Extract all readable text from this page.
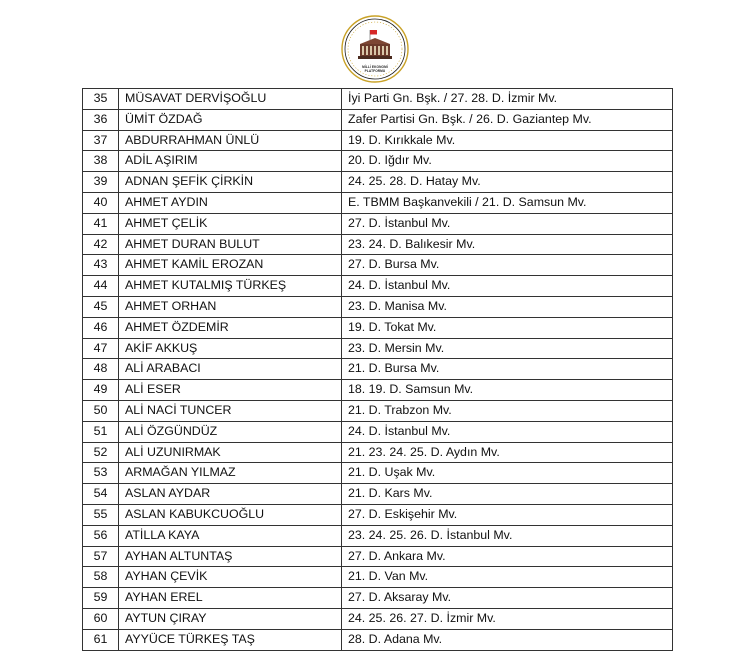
MİLLİ EKONOMİ
PLATFORMU
35	MÜSAVAT DERVİŞOĞLU	İyi Parti Gn. Bşk. / 27. 28. D. İzmir Mv.
36	ÜMİT ÖZDAĞ	Zafer Partisi Gn. Bşk. / 26. D. Gaziantep Mv.
37	ABDURRAHMAN ÜNLÜ	19. D. Kırıkkale Mv.
38	ADİL AŞIRIM	20. D. Iğdır Mv.
39	ADNAN ŞEFİK ÇİRKİN	24. 25. 28. D. Hatay Mv.
40	AHMET AYDIN	E. TBMM Başkanvekili / 21. D. Samsun Mv.
41	AHMET ÇELİK	27. D. İstanbul Mv.
42	AHMET DURAN BULUT	23. 24. D. Balıkesir Mv.
43	AHMET KAMİL EROZAN	27. D. Bursa Mv.
44	AHMET KUTALMIŞ TÜRKEŞ	24. D. İstanbul Mv.
45	AHMET ORHAN	23. D. Manisa Mv.
46	AHMET ÖZDEMİR	19. D. Tokat Mv.
47	AKİF AKKUŞ	23. D. Mersin Mv.
48	ALİ ARABACI	21. D. Bursa Mv.
49	ALİ ESER	18. 19. D. Samsun Mv.
50	ALİ NACİ TUNCER	21. D. Trabzon Mv.
51	ALİ ÖZGÜNDÜZ	24. D. İstanbul Mv.
52	ALİ UZUNIRMAK	21. 23. 24. 25. D. Aydın Mv.
53	ARMAĞAN YILMAZ	21. D. Uşak Mv.
54	ASLAN AYDAR	21. D. Kars Mv.
55	ASLAN KABUKCUOĞLU	27. D. Eskişehir Mv.
56	ATİLLA KAYA	23. 24. 25. 26. D. İstanbul Mv.
57	AYHAN ALTUNTAŞ	27. D. Ankara Mv.
58	AYHAN ÇEVİK	21. D. Van Mv.
59	AYHAN EREL	27. D. Aksaray Mv.
60	AYTUN ÇIRAY	24. 25. 26. 27. D. İzmir Mv.
61	AYYÜCE TÜRKEŞ TAŞ	28. D. Adana Mv.
